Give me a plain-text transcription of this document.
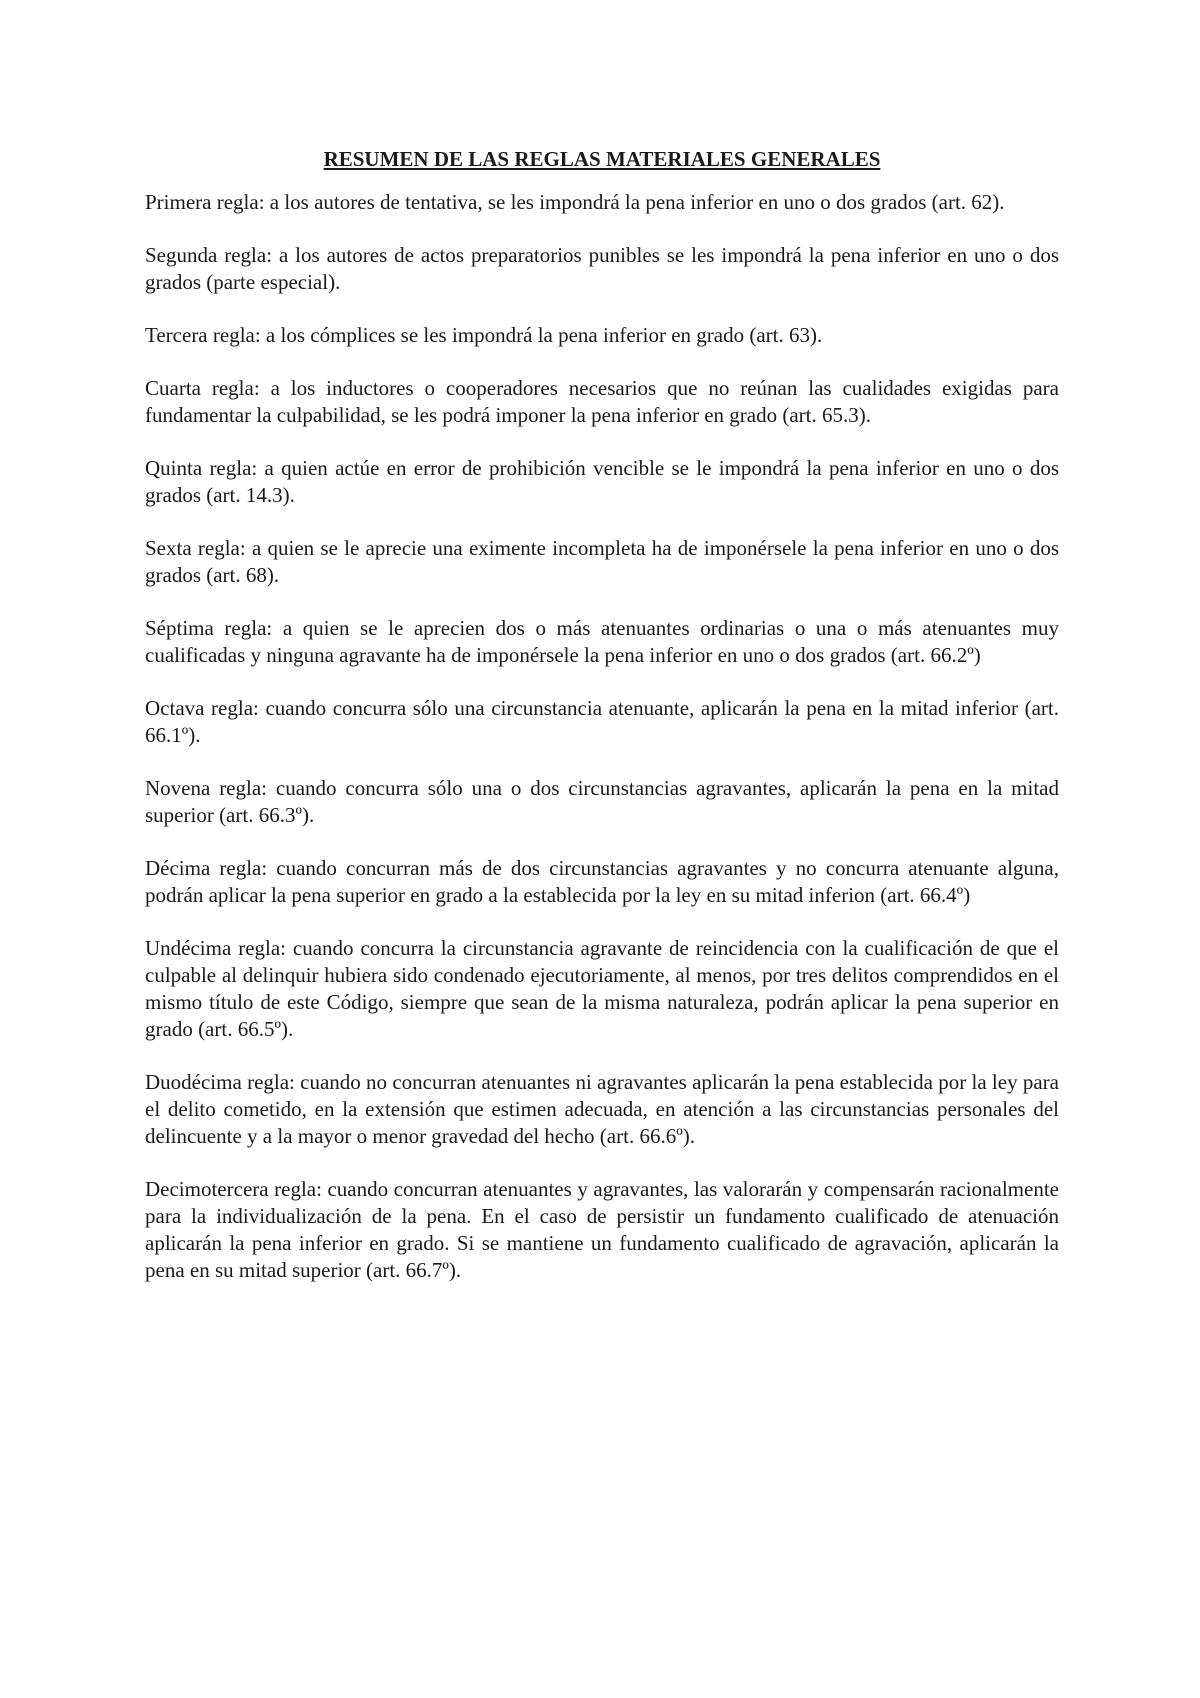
RESUMEN DE LAS REGLAS MATERIALES GENERALES

Primera regla: a los autores de tentativa, se les impondrá la pena inferior en uno o dos grados (art. 62).

Segunda regla: a los autores de actos preparatorios punibles se les impondrá la pena inferior en uno o dos grados (parte especial).

Tercera regla: a los cómplices se les impondrá la pena inferior en grado (art. 63).

Cuarta regla: a los inductores o cooperadores necesarios que no reúnan las cualidades exigidas para fundamentar la culpabilidad, se les podrá imponer la pena inferior en grado (art. 65.3).

Quinta regla: a quien actúe en error de prohibición vencible se le impondrá la pena inferior en uno o dos grados (art. 14.3).

Sexta regla: a quien se le aprecie una eximente incompleta ha de imponérsele la pena inferior en uno o dos grados (art. 68).

Séptima regla: a quien se le aprecien dos o más atenuantes ordinarias o una o más atenuantes muy cualificadas y ninguna agravante ha de imponérsele la pena inferior en uno o dos grados (art. 66.2º)

Octava regla: cuando concurra sólo una circunstancia atenuante, aplicarán la pena en la mitad inferior (art. 66.1º).

Novena regla: cuando concurra sólo una o dos circunstancias agravantes, aplicarán la pena en la mitad superior (art. 66.3º).

Décima regla: cuando concurran más de dos circunstancias agravantes y no concurra atenuante alguna, podrán aplicar la pena superior en grado a la establecida por la ley en su mitad inferion (art. 66.4º)

Undécima regla: cuando concurra la circunstancia agravante de reincidencia con la cualificación de que el culpable al delinquir hubiera sido condenado ejecutoriamente, al menos, por tres delitos comprendidos en el mismo título de este Código, siempre que sean de la misma naturaleza, podrán aplicar la pena superior en grado (art. 66.5º).

Duodécima regla: cuando no concurran atenuantes ni agravantes aplicarán la pena establecida por la ley para el delito cometido, en la extensión que estimen adecuada, en atención a las circunstancias personales del delincuente y a la mayor o menor gravedad del hecho (art. 66.6º).

Decimotercera regla: cuando concurran atenuantes y agravantes, las valorarán y compensarán racionalmente para la individualización de la pena. En el caso de persistir un fundamento cualificado de atenuación aplicarán la pena inferior en grado. Si se mantiene un fundamento cualificado de agravación, aplicarán la pena en su mitad superior (art. 66.7º).
